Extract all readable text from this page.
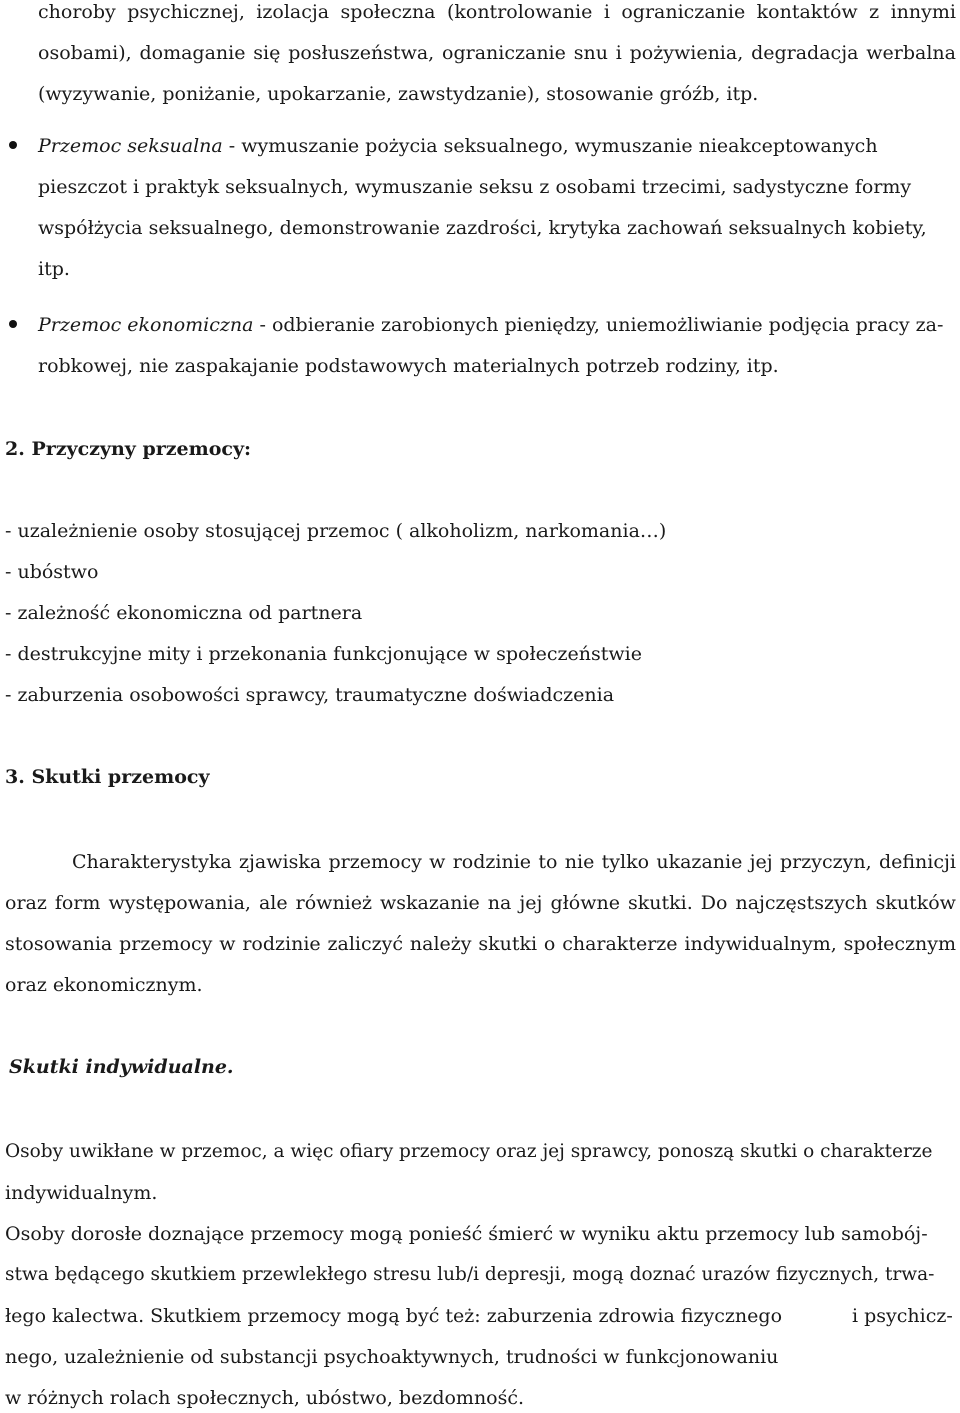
choroby psychicznej, izolacja społeczna (kontrolowanie i ograniczanie kontaktów z innymi
osobami), domaganie się posłuszeństwa, ograniczanie snu i pożywienia, degradacja werbalna
(wyzywanie, poniżanie, upokarzanie, zawstydzanie), stosowanie gróźb, itp.
Przemoc seksualna - wymuszanie pożycia seksualnego, wymuszanie nieakceptowanych
pieszczot i praktyk seksualnych, wymuszanie seksu z osobami trzecimi, sadystyczne formy
współżycia seksualnego, demonstrowanie zazdrości, krytyka zachowań seksualnych kobiety,
itp.
Przemoc ekonomiczna - odbieranie zarobionych pieniędzy, uniemożliwianie podjęcia pracy za-
robkowej, nie zaspakajanie podstawowych materialnych potrzeb rodziny, itp.
2. Przyczyny przemocy:
- uzależnienie osoby stosującej przemoc ( alkoholizm, narkomania…)
- ubóstwo
- zależność ekonomiczna od partnera
- destrukcyjne mity i przekonania funkcjonujące w społeczeństwie
- zaburzenia osobowości sprawcy, traumatyczne doświadczenia
3. Skutki przemocy
Charakterystyka zjawiska przemocy w rodzinie to nie tylko ukazanie jej przyczyn, definicji
oraz form występowania, ale również wskazanie na jej główne skutki. Do najczęstszych skutków
stosowania przemocy w rodzinie zaliczyć należy skutki o charakterze indywidualnym, społecznym
oraz ekonomicznym.
Skutki indywidualne.
Osoby uwikłane w przemoc, a więc ofiary przemocy oraz jej sprawcy, ponoszą skutki o charakterze
indywidualnym.
Osoby dorosłe doznające przemocy mogą ponieść śmierć w wyniku aktu przemocy lub samobój-
stwa będącego skutkiem przewlekłego stresu lub/i depresji, mogą doznać urazów fizycznych, trwa-
łego kalectwa. Skutkiem przemocy mogą być też: zaburzenia zdrowia fizycznego	i psychicz-
nego, uzależnienie od substancji psychoaktywnych, trudności w funkcjonowaniu
w różnych rolach społecznych, ubóstwo, bezdomność.
